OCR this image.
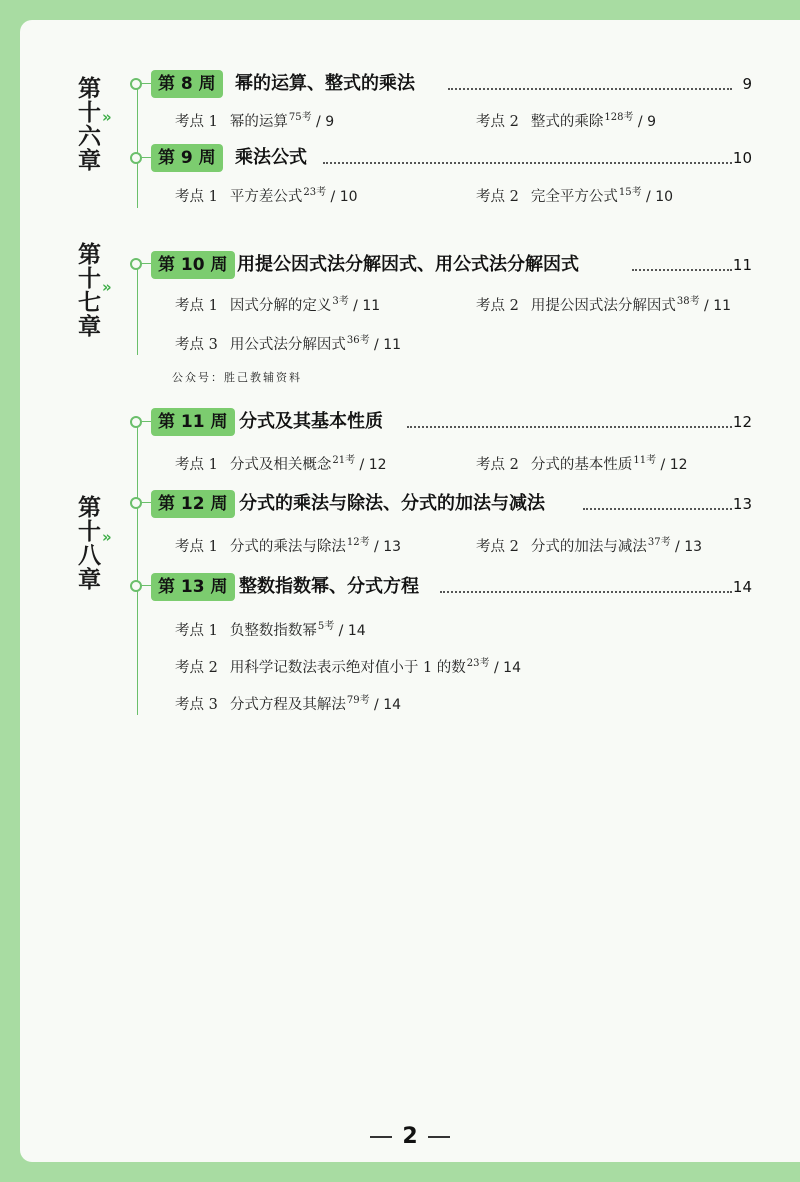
第十六章 »
第 8 周	幂的运算、整式的乘法	9
考点 1 幂的运算$^{75考}$ / 9	考点 2 整式的乘除$^{128考}$ / 9
第 9 周	乘法公式	10
考点 1 平方差公式$^{23考}$ / 10	考点 2 完全平方公式$^{15考}$ / 10
第十七章 »
第 10 周 用提公因式法分解因式、用公式法分解因式	11
考点 1 因式分解的定义$^{3考}$ / 11	考点 2 用提公因式法分解因式$^{38考}$ / 11
考点 3 用公式法分解因式$^{36考}$ / 11
公众号：胜己教辅资料
第十八章 »
第 11 周 分式及其基本性质	12
考点 1 分式及相关概念$^{21考}$ / 12	考点 2 分式的基本性质$^{11考}$ / 12
第 12 周 分式的乘法与除法、分式的加法与减法	13
考点 1 分式的乘法与除法$^{12考}$ / 13	考点 2 分式的加法与减法$^{37考}$ / 13
第 13 周 整数指数幂、分式方程	14
考点 1 负整数指数幂$^{5考}$ / 14
考点 2 用科学记数法表示绝对值小于 1 的数$^{23考}$ / 14
考点 3 分式方程及其解法$^{79考}$ / 14
2
